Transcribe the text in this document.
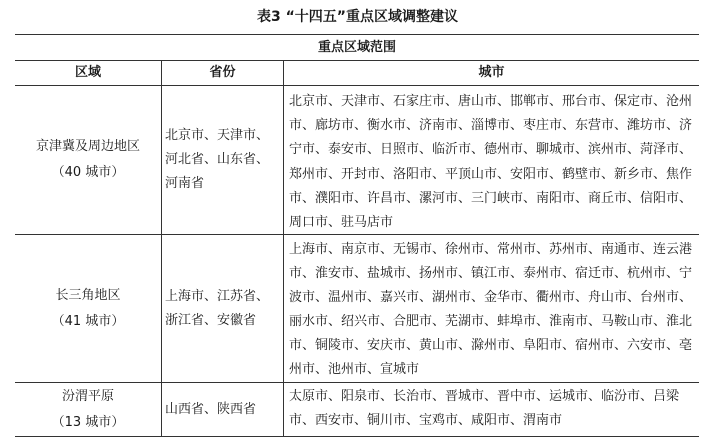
表3 “十四五”重点区域调整建议
重点区域范围
区域	省份	城市
京津冀及周边地区
（40 城市）
北京市、天津市、
河北省、山东省、
河南省
北京市、天津市、石家庄市、唐山市、邯郸市、邢台市、保定市、沧州市、廊坊市、衡水市、济南市、淄博市、枣庄市、东营市、潍坊市、济宁市、泰安市、日照市、临沂市、德州市、聊城市、滨州市、菏泽市、郑州市、开封市、洛阳市、平顶山市、安阳市、鹤壁市、新乡市、焦作市、濮阳市、许昌市、漯河市、三门峡市、南阳市、商丘市、信阳市、周口市、驻马店市
长三角地区
（41 城市）
上海市、江苏省、
浙江省、安徽省
上海市、南京市、无锡市、徐州市、常州市、苏州市、南通市、连云港市、淮安市、盐城市、扬州市、镇江市、泰州市、宿迁市、杭州市、宁波市、温州市、嘉兴市、湖州市、金华市、衢州市、舟山市、台州市、丽水市、绍兴市、合肥市、芜湖市、蚌埠市、淮南市、马鞍山市、淮北市、铜陵市、安庆市、黄山市、滁州市、阜阳市、宿州市、六安市、亳州市、池州市、宣城市
汾渭平原
（13 城市）
山西省、陕西省
太原市、阳泉市、长治市、晋城市、晋中市、运城市、临汾市、吕梁市、西安市、铜川市、宝鸡市、咸阳市、渭南市
